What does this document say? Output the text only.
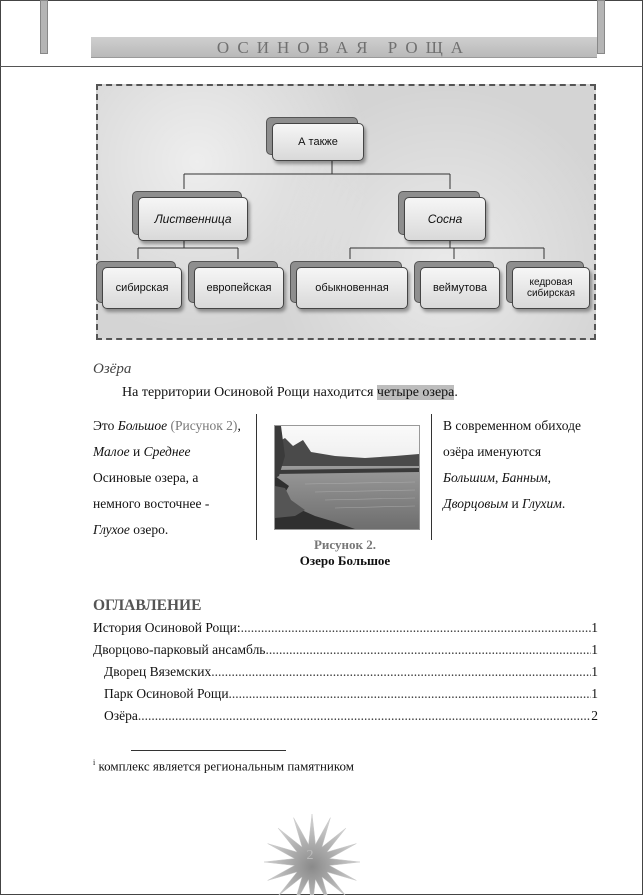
ОСИНОВАЯ РОЩА
А также
Лиственница	Сосна
сибирская	европейская	обыкновенная	веймутова	кедровая сибирская
Озёра
На территории Осиновой Рощи находится четыре озера.
Это Большое (Рисунок 2), Малое и Среднее Осиновые озера, а немного восточнее - Глухое озеро.
Рисунок 2.
Озеро Большое
В современном обиходе озёра именуются Большим, Банным, Дворцовым и Глухим.
ОГЛАВЛЕНИЕ
История Осиновой Рощи: .....	1
Дворцово-парковый ансамбль .....	1
Дворец Вяземских .....	1
Парк Осиновой Рощи .....	1
Озёра .....	2
$^i$ комплекс является региональным памятником
2
